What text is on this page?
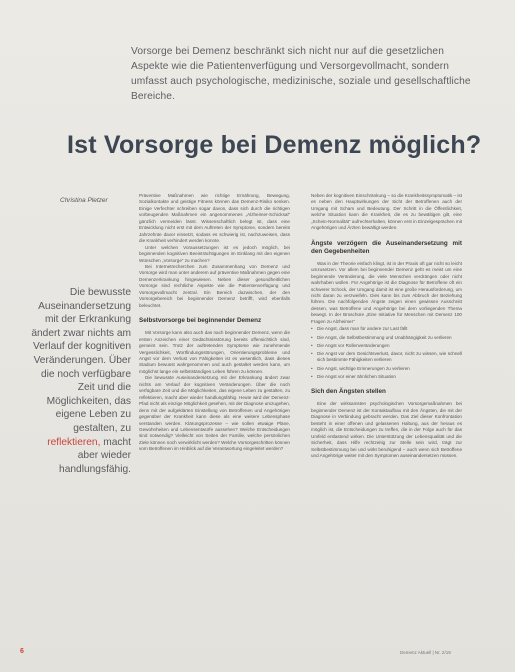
Vorsorge bei Demenz beschränkt sich nicht nur auf die gesetzlichen Aspekte wie die Patientenverfügung und Versorgevollmacht, sondern umfasst auch psychologische, medizinische, soziale und gesellschaftliche Bereiche.
Ist Vorsorge bei Demenz möglich?
Christina Pletzer
Die bewusste Auseinandersetzung mit der Erkrankung ändert zwar nichts am Verlauf der kognitiven Veränderungen. Über die noch verfügbare Zeit und die Möglichkeiten, das eigene Leben zu gestalten, zu reflektieren, macht aber wieder handlungsfähig.

Präventive Maßnahmen wie richtige Ernährung, Bewegung, Sozialkontakte und geistige Fitness können das Demenz-Risiko senken. Einige Verfechter schreiben sogar davon, dass sich durch die richtigen vorbeugenden Maßnahmen ein angenommenes „Alzheimer-Schicksal“ gänzlich vermeiden lässt. Wissenschaftlich belegt ist, dass eine Entwicklung nicht erst mit dem Auftreten der Symptome, sondern bereits Jahrzehnte davor einsetzt, sodass es schwierig ist, nachzuweisen, dass die Krankheit verhindert werden konnte.

Unter welchen Voraussetzungen ist es jedoch möglich, bei beginnenden kognitiven Beeinträchtigungen im Einklang mit den eigenen Wünschen „Vorsorge“ zu machen?

Bei Internetrecherchen zum Zusammenhang von Demenz und Vorsorge wird man unter anderem auf präventive Maßnahmen gegen eine Demenzerkrankung hingewiesen. Neben dieser gesundheitlichen Vorsorge sind rechtliche Aspekte wie die Patientenverfügung und Vorsorgevollmacht zentral. Ein Bereich dazwischen, der den Vorsorgebereich bei beginnender Demenz betrifft, wird ebenfalls beleuchtet.

Selbstvorsorge bei beginnender Demenz

Mit Vorsorge kann also auch das nach beginnender Demenz, wenn die ersten Anzeichen einer Gedächtnisstörung bereits offensichtlich sind, gemeint sein. Trotz der auftretenden Symptome wie zunehmende Vergesslichkeit, Wortfindungsstörungen, Orientierungsprobleme und Angst vor dem Verlust von Fähigkeiten ist es wesentlich, dass dieses Stadium bewusst wahrgenommen und auch gestaltet werden kann, um möglichst lange ein selbstständiges Leben führen zu können.

Die bewusste Auseinandersetzung mit der Erkrankung ändert zwar nichts am Verlauf der kognitiven Veränderungen. Über die noch verfügbare Zeit und die Möglichkeiten, das eigene Leben zu gestalten, zu reflektieren, macht aber wieder handlungsfähig. Heute wird der Demenz-Pfad nicht als einzige Möglichkeit gesehen, mit der Diagnose umzugehen, denn mit der aufgeklärten Einstellung von Betroffenen und Angehörigen gegenüber der Krankheit kann diese als eine weitere Lebensphase verstanden werden. Klärungsprozesse – wie sollen etwaige Pläne, Gewohnheiten und Lebensentwürfe aussehen? Welche Entscheidungen sind notwendig? Vielleicht von Seiten der Familie, welche persönlichen Ziele können noch verwirklicht werden? Welche Vorsorgeschritten können vom Betroffenen im Hinblick auf die Verantwortung eingeleitet werden?

Neben der kognitiven Einschränkung – so die Krankheitssymptomatik – ist es neben den Hauptwirkungen der Sicht der Betroffenen auch der Umgang mit Scham und Bedeutung. Der Schritt in die Öffentlichkeit, welche Situation kann die Krankheit, die es zu bewältigen gilt, eine „Schein-Normalität“ aufrechterhalten, können erst in Einzelgesprächen mit Angehörigen und Ärzten bewältigt werden.

Ängste verzögern die Auseinandersetzung mit den Gegebenheiten

Was in der Theorie einfach klingt, ist in der Praxis oft gar nicht so leicht umzusetzen. Vor allem bei beginnender Demenz geht es meist um eine beginnende Veränderung, die viele Menschen verdrängen oder nicht wahrhaben wollen. Für Angehörige ist die Diagnose für Betroffene oft ein schwerer Schock, der Umgang damit ist eine große Herausforderung, um nicht daran zu verzweifeln. Dies kann bis zum Abbruch der Beziehung führen. Die nachfolgenden Ängste zeigen einen gewissen Ausschnitt dessen, was Betroffene und Angehörige bei dem vorliegenden Thema bewegt. In der Broschüre „Eine Initiative für Menschen mit Demenz 100 Fragen zu Alzheimer“

• Die Angst, dass man für andere zur Last fällt
• Die Angst, die Selbstbestimmung und Unabhängigkeit zu verlieren
• Die Angst vor Rollenveränderungen
• Die Angst vor dem Gesichtsverlust, davor, nicht zu wissen, wie schnell sich bestimmte Fähigkeiten verlieren
• Die Angst, wichtige Erinnerungen zu verlieren
• Die Angst vor einer ähnlichen Situation

Sich den Ängsten stellen

Eine der wirksamsten psychologischen Vorsorgemaßnahmen bei beginnender Demenz ist der Kontaktaufbau mit den Ängsten, die mit der Diagnose in Verbindung gebracht werden. Das Ziel dieser Konfrontation besteht in einer offenen und gelassenen Haltung, aus der heraus es möglich ist, die Entscheidungen zu treffen, die in der Folge auch für das Umfeld entlastend wirken. Die Unterstützung der Lebensqualität und die Sicherheit, dass Hilfe rechtzeitig zur Stelle sein wird, trägt zur Selbstbestimmung bei und wirkt beruhigend – auch wenn sich Betroffene und Angehörige weiter mit den Symptomen auseinandersetzen müssen.

6	Demenz Aktuell | Nr. 2/19
